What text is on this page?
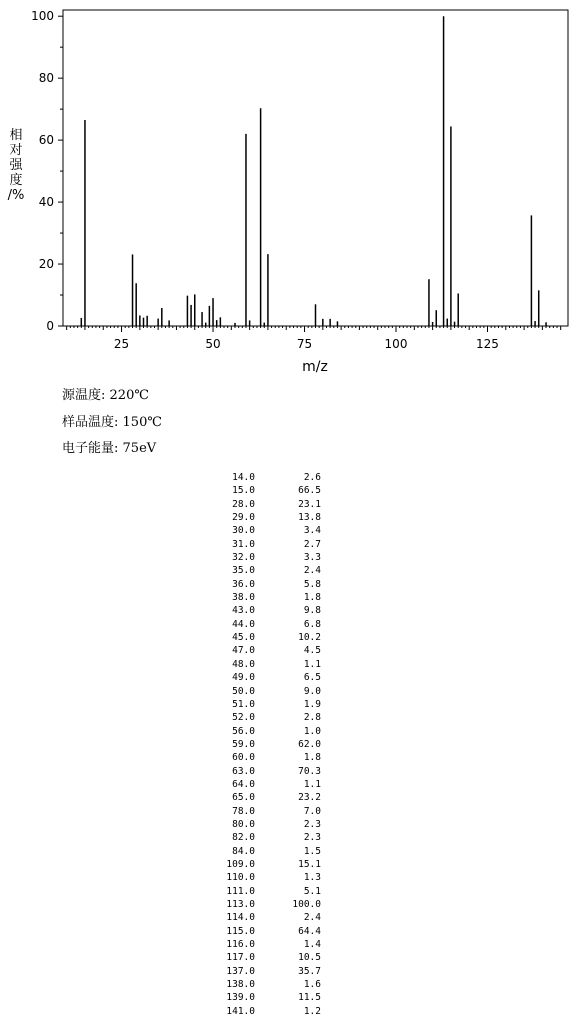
0
20
40
60
80
100
25	50	75	100	125
m/z
相
对
强
度
/%
源温度: 220℃
样品温度: 150℃
电子能量: 75eV
14.0	2.6
15.0	66.5
28.0	23.1
29.0	13.8
30.0	3.4
31.0	2.7
32.0	3.3
35.0	2.4
36.0	5.8
38.0	1.8
43.0	9.8
44.0	6.8
45.0	10.2
47.0	4.5
48.0	1.1
49.0	6.5
50.0	9.0
51.0	1.9
52.0	2.8
56.0	1.0
59.0	62.0
60.0	1.8
63.0	70.3
64.0	1.1
65.0	23.2
78.0	7.0
80.0	2.3
82.0	2.3
84.0	1.5
109.0	15.1
110.0	1.3
111.0	5.1
113.0	100.0
114.0	2.4
115.0	64.4
116.0	1.4
117.0	10.5
137.0	35.7
138.0	1.6
139.0	11.5
141.0	1.2
